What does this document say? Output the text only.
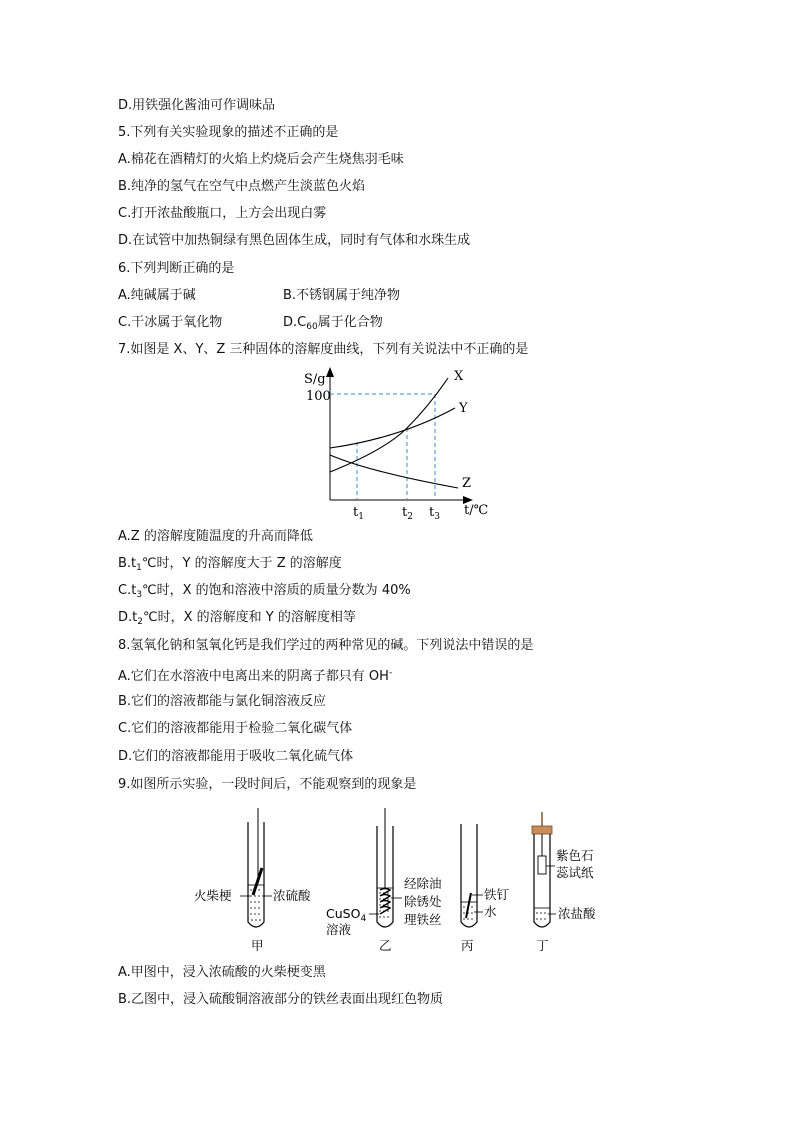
D.用铁强化酱油可作调味品
5.下列有关实验现象的描述不正确的是
A.棉花在酒精灯的火焰上灼烧后会产生烧焦羽毛味
B.纯净的氢气在空气中点燃产生淡蓝色火焰
C.打开浓盐酸瓶口，上方会出现白雾
D.在试管中加热铜绿有黑色固体生成，同时有气体和水珠生成
6.下列判断正确的是
A.纯碱属于碱	B.不锈钢属于纯净物
C.干冰属于氧化物	$D.C_{60}$属于化合物
7.如图是 X、Y、Z 三种固体的溶解度曲线，下列有关说法中不正确的是
S/g
100
t/℃
$t_1$	$t_2$ $t_3$
X
Y
Z
A.Z 的溶解度随温度的升高而降低
$B.t_1℃$时，Y 的溶解度大于 Z 的溶解度
$C.t_3℃$时，X 的饱和溶液中溶质的质量分数为 40%
$D.t_2℃$时，X 的溶解度和 Y 的溶解度相等
8.氢氧化钠和氢氧化钙是我们学过的两种常见的碱。下列说法中错误的是
A.它们在水溶液中电离出来的阴离子都只有 OH-
B.它们的溶液都能与氯化铜溶液反应
C.它们的溶液都能用于检验二氧化碳气体
D.它们的溶液都能用于吸收二氧化硫气体
9.如图所示实验，一段时间后，不能观察到的现象是
火柴梗	浓硫酸
甲
CuSO$_4$
溶液
经除油
除锈处
理铁丝
乙
铁钉
水
丙
紫色石
蕊试纸
浓盐酸
丁
A.甲图中，浸入浓硫酸的火柴梗变黑
B.乙图中，浸入硫酸铜溶液部分的铁丝表面出现红色物质
